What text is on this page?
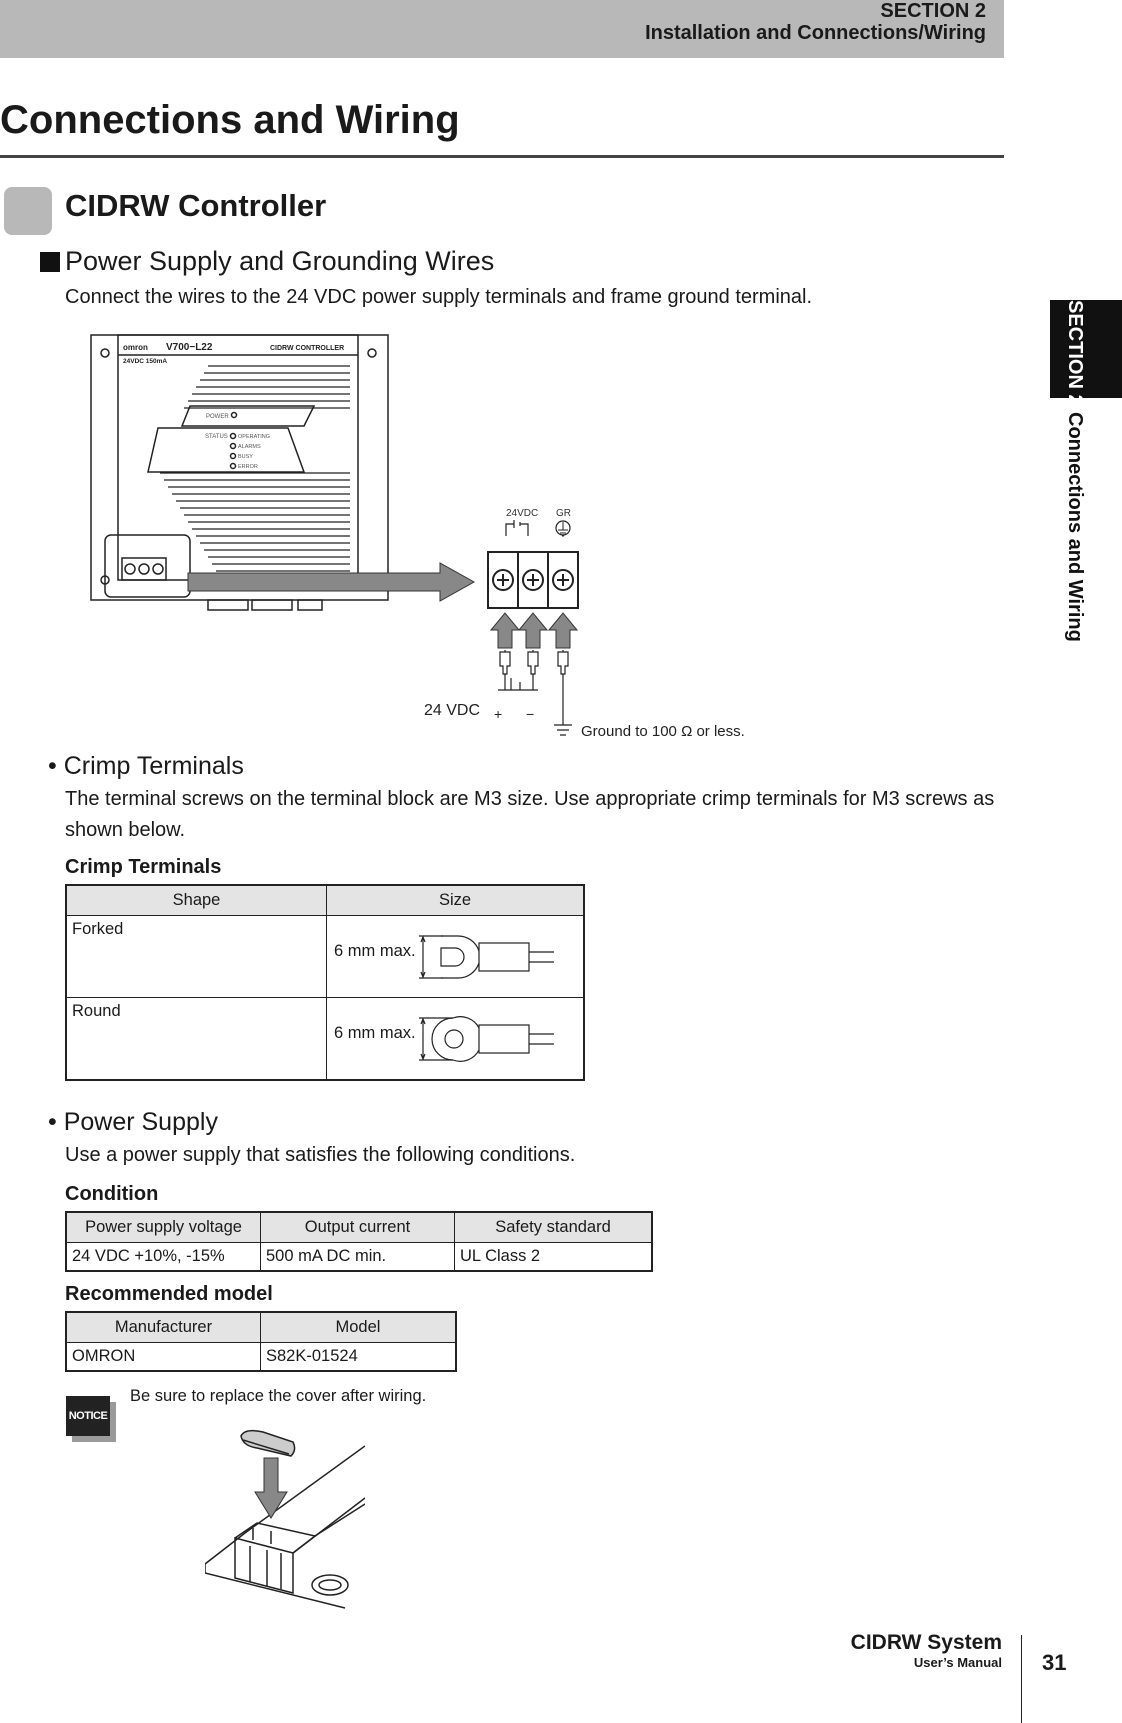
SECTION 2
Installation and Connections/Wiring
Connections and Wiring
SECTION 2
Connections and Wiring
CIDRW Controller
Power Supply and Grounding Wires
Connect the wires to the 24 VDC power supply terminals and frame ground terminal.
omron V700−L22	CIDRW CONTROLLER
24VDC 150mA
POWER
STATUS OPERATING
ALARMS
BUSY
ERROR
24VDC GR
24 VDC + −
Ground to 100 Ω or less.
• Crimp Terminals
The terminal screws on the terminal block are M3 size. Use appropriate crimp terminals for M3 screws as shown below.
Crimp Terminals
Shape	Size
Forked	6 mm max.

Round	6 mm max.
• Power Supply
Use a power supply that satisfies the following conditions.
Condition
Power supply voltage	Output current	Safety standard
24 VDC +10%, -15%	500 mA DC min.	UL Class 2
Recommended model
Manufacturer	Model
OMRON	S82K-01524
NOTICE
Be sure to replace the cover after wiring.
CIDRW System
User’s Manual 31
